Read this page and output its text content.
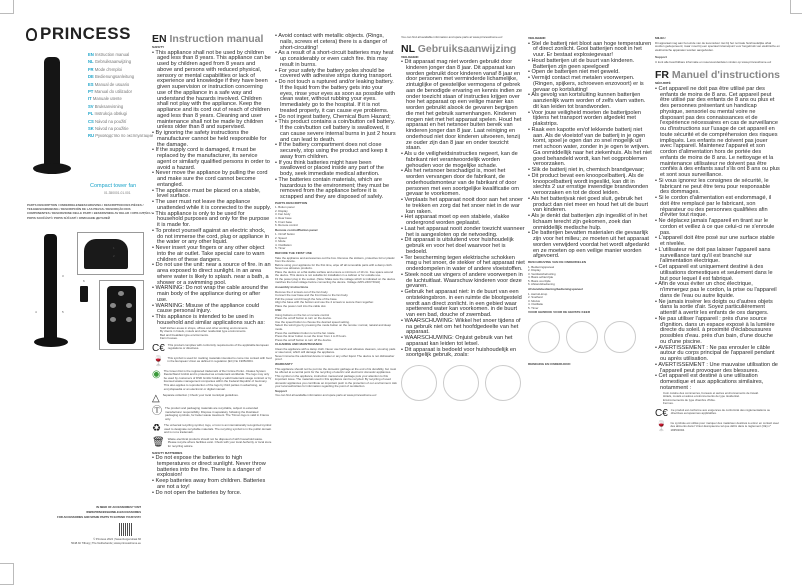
PRINCESS
EN Instruction manual
NL Gebruiksaanwijzing
FR Mode d'emploi
DE Bedienungsanleitung
ES Manual de usuario
PT Manual do utilizador
IT Manuale utente
SV Bruksanvisning
PL Instrukcja obsługi
CS Návod na použití
SK Návod na použitie
RU Руководство по эксплуатации
Compact tower fan
01.350001.01.001
PARTS DESCRIPTION / ONDERDELENBESCHRIJVING / DESCRIPTION DES PIÈCES / TEILEBESCHREIBUNG / DESCRIPCIÓN DE LAS PIEZAS / DESCRIÇÃO DOS COMPONENTES / DESCRIZIONE DELLE PARTI / BESKRIVNING AV DELAR / OPIS CZĘŚCI / POPIS SOUČÁSTÍ / POPIS SÚČASTÍ / ОПИСАНИЕ ДЕТАЛЕЙ
3
1
2
4	5
6
IN NEED OF ACCESSORIES? VISIT
WWW.PRINCESSHOME.EU/ACCESSORIES
FOR ACCESSORIES AND SPARE PARTS TO EXTEND YOUR STAY
© Princess 2024 | Saxenburgerstraat 66
5048 AV Tilburg | The Netherlands | www.princesshome.eu
EN Instruction manual
SAFETY
• This appliance shall not be used by children aged less than 8 years. This appliance can be used by children aged from 8 years and above and persons with reduced physical, sensory or mental capabilities or lack of experience and knowledge if they have been given supervision or instruction concerning use of the appliance in a safe way and understand the hazards involved. Children shall not play with the appliance. Keep the appliance and its cord out of reach of children aged less than 8 years. Cleaning and user maintenance shall not be made by children unless older than 8 and supervised.
• By ignoring the safety instructions the manufacturer cannot be held responsible for the damage.
• If the supply cord is damaged, it must be replaced by the manufacturer, its service agent or similarly qualified persons in order to avoid a hazard.
• Never move the appliance by pulling the cord and make sure the cord cannot become entangled.
• The appliance must be placed on a stable, level surface.
• The user must not leave the appliance unattended while it is connected to the supply.
• This appliance is only to be used for household purposes and only for the purpose it is made for.
• To protect yourself against an electric shock, do not immerse the cord, plug or appliance in the water or any other liquid.
• Never insert your fingers or any other object into the air outlet. Take special care to warn children of these dangers.
• Do not use the unit: near a source of fire. in an area exposed to direct sunlight. in an area where water is likely to splash. near a bath, a shower or a swimming pool.
• WARNING: Do not wrap the cable around the main body of the appliance during or after use.
• WARNING: Misuse of the appliance could cause personal injury.
• This appliance is intended to be used in household and similar applications such as:
Staff kitchen areas in shops, offices and other working environments.
By clients in hotels, motels and other residential type environments.
Bed and breakfast type environments.
Farm houses.
C€ This product complies with conformity requirements of the applicable European regulations or directives.
🍷 This symbol is used for marking materials intended to come into contact with food in the European Union as defined in regulation (EC) No 1935/2004.
◉ The Green Dot is the registered trademark of Der Grüne Punkt - Duales System Deutschland GmbH and is protected as a trademark worldwide. The logo may only be used by customers of DSD GmbH holding a valid trademark usage contract or by licensed waste management companies within the Federal Republic of Germany. This also applies to reproduction of the logo by third parties in advertising, an encyclopaedia or an electronic or digital manual.
△ Separate collection | Check your local municipal guidelines.
Ⓣ The product and packaging materials are recyclable, subject to extended manufacturer responsibility. Dispose it separately, following the illustrated packaging symbols, for better waste treatment. The Triman logo is valid in France only.
♻ The universal recycling symbol, logo, or icon is an internationally recognized symbol used to designate recyclable materials. The recycling symbol is in the public domain and is not a trademark.
🗑 Waste electrical products should not be disposed of with household waste. Please recycle where facilities exist. Check with your local Authority or local store for recycling advice.
SAFETY BATTERIES
• Do not expose the batteries to high temperatures or direct sunlight. Never throw batteries into the fire. There is a danger of explosion!
• Keep batteries away from children. Batteries are not a toy!
• Do not open the batteries by force.
• Avoid contact with metallic objects. (Rings, nails, screws et cetera) there is a danger of short-circuiting!
• As a result of a short-circuit batteries may heat up considerably or even catch fire. this may result in burns.
• For your safety the battery poles should be covered with adhesive strips during transport.
• Do not touch a ruptured and/or leaking battery. If the liquid from the battery gets into your eyes, rinse your eyes as soon as possible with clean water, without rubbing your eyes. Immediately go to the hospital. If it is not treated properly, it can cause eye problems.
• Do not ingest battery, Chemical Burn Hazard;
• This product contains a coin/button cell battery. If the coin/button cell battery is swallowed, it can cause severe internal burns in just 2 hours and can lead to death.
• If the battery compartment does not close securely, stop using the product and keep it away from children.
• If you think batteries might have been swallowed or placed inside any part of the body, seek immediate medical attention.
• The batteries contain materials, which are hazardous to the environment; they must be removed from the appliance before it is scrapped and they are disposed of safely.
PARTS DESCRIPTION
1. Button panel
2. Display
3. Fan body
4. Rear base
5. Front base
6. Remote control
Remote control/Button panel
1. On/off button
2. Speed
3. Mode
4. Oscillation
5. Timer
BEFORE THE FIRST USE
Take the appliance and accessories out the box. Remove the stickers, protective foil or plastic from the device.
Before using your appliance for the first time, wipe off all removable parts with a damp cloth. Never use abrasive products.
Place the device on a flat stable surface and ensure a minimum of 10 cm. free space around the device. This device is not suitable for installation in a cabinet or for outside use.
Fit the power plug in the socket. (Note: Make sure the voltage which is indicated on the device matches the local voltage before connecting the device. Voltage 220V-240V 50Hz)
Assembly instructions
Remove the 2 screws out of the fan body.
Connect the rear base and the front base to the fan body.
Pull the power cord through the hole of the base.
Align the base with the bottom and use the 2 screws to secure them together.
Place the power cord into the cable slot.
USE
Using buttons on the fan or remote control
Press the on/off button to turn on the device.
Use the speed button to choose the desired speed setting.
Select the wind type by pressing the mode button on the remote: normal, natural and sleep mode.
Press the oscillation button to let the fan rotate.
Press the timer button to set the timer from 1 to 8 hours.
Press the on/off button to turn off the device.
CLEANING AND MAINTENANCE
Clean the appliance with a damp cloth. Never use harsh and abrasive cleaners, scouring pads or steel wool, which will damage the appliance.
Never immerse the electrical device in water or any other liquid. The device is not dishwasher proof.
WARRANTY
This appliance should not be put into the domestic garbage at the end of its durability, but must be offered at a central point for the recycling of electric and electronic domestic appliances. This symbol on the appliance, instruction manual and package puts your attention to this important issue. The materials used in this appliance can be recycled. By recycling of used domestic appliances you contribute an important push to the protection of our environment. Ask your local authorities for information regarding the point of recollection.
Support
You can find all available information and spare parts at www.princesshome.eu!
You can find all available information and spare parts at www.princesshome.eu!
NL Gebruiksaanwijzing
VEILIGHEID
• Dit apparaat mag niet worden gebruikt door kinderen jonger dan 8 jaar. Dit apparaat kan worden gebruikt door kinderen vanaf 8 jaar en door personen met verminderde lichamelijke, zintuiglijke of geestelijke vermogens of gebrek aan de benodigde ervaring en kennis indien ze onder toezicht staan of instructies krijgen over hoe het apparaat op een veilige manier kan worden gebruikt alsook de gevaren begrijpen die met het gebruik samenhangen. Kinderen mogen niet met het apparaat spelen. Houd het apparaat en het netsnoer buiten bereik van kinderen jonger dan 8 jaar. Laat reiniging en onderhoud niet door kinderen uitvoeren, tenzij ze ouder zijn dan 8 jaar en onder toezicht staan.
• Als u de veiligheidsinstructies negeert, kan de fabrikant niet verantwoordelijk worden gehouden voor de mogelijke schade.
• Als het netsnoer beschadigd is, moet het worden vervangen door de fabrikant, de onderhoudsmonteur van de fabrikant of door personen met een soortgelijke kwalificatie om gevaar te voorkomen.
• Verplaats het apparaat nooit door aan het snoer te trekken en zorg dat het snoer niet in de war kan raken.
• Het apparaat moet op een stabiele, vlakke ondergrond worden geplaatst.
• Laat het apparaat nooit zonder toezicht wanneer het is aangesloten op de netvoeding.
• Dit apparaat is uitsluitend voor huishoudelijk gebruik en voor het doel waarvoor het is bedoeld.
• Ter bescherming tegen elektrische schokken mag u het snoer, de stekker of het apparaat niet onderdompelen in water of andere vloeistoffen.
• Steek nooit uw vingers of andere voorwerpen in de luchtuitlaat. Waarschuw kinderen voor deze gevaren.
• Gebruik het apparaat niet: in de buurt van een ontstekingsbron. in een ruimte die blootgesteld wordt aan direct zonlicht. in een gebied waar spetterend water kan voorkomen. in de buurt van een bad, douche of zwembad.
• WAARSCHUWING: Wikkel het snoer tijdens of na gebruik niet om het hoofdgedeelte van het apparaat.
• WAARSCHUWING: Onjuist gebruik van het apparaat kan leiden tot letsel.
• Dit apparaat is bedoeld voor huishoudelijk en soortgelijk gebruik, zoals:
VEILIGHEID
• Stel de batterij niet bloot aan hoge temperaturen of direct zonlicht. Gooi batterijen nooit in het vuur. Er bestaat explosiegevaar!
• Houd batterijen uit de buurt van kinderen. Batterijen zijn geen speelgoed!
• Open de batterijen niet met geweld.
• Vermijd contact met metalen voorwerpen. (Ringen, spijkers, schroeven enzovoort) er is gevaar op kortsluiting!
• Als gevolg van kortsluiting kunnen batterijen aanzienlijk warm worden of zelfs vlam vatten. dit kan leiden tot brandwonden.
• Voor jouw veiligheid moeten de batterijpolen tijdens het transport worden afgedekt met plakstrips.
• Raak een kapotte en/of lekkende batterij niet aan. Als de vloeistof van de batterij in je ogen komt, spoel je ogen dan zo snel mogelijk uit met schoon water, zonder in je ogen te wrijven. Ga onmiddellijk naar het ziekenhuis. Als het niet goed behandeld wordt, kan het oogproblemen veroorzaken.
• Slik de batterij niet in, chemisch brandgevaar;
• Dit product bevat een knoopcelbatterij. Als de knoopcelbatterij wordt ingeslikt, kan dit in slechts 2 uur ernstige inwendige brandwonden veroorzaken en tot de dood leiden.
• Als het batterijvak niet goed sluit, gebruik het product dan niet meer en houd het uit de buurt van kinderen.
• Als je denkt dat batterijen zijn ingeslikt of in het lichaam terecht zijn gekomen, zoek dan onmiddellijk medische hulp.
• De batterijen bevatten materialen die gevaarlijk zijn voor het milieu; ze moeten uit het apparaat worden verwijderd voordat het wordt afgedankt en ze moeten op een veilige manier worden afgevoerd.
BESCHRIJVING VAN DE ONDERDELEN
1. Bedieningspaneel
2. Display
3. Ventilatorbehuizing
4. Basis achterzijde
5. Basis voorzijde
6. Afstandsbediening
Afstandsbediening/bedieningspaneel
1. Aan/uit-knop
2. Snelheid
3. Modus
4. Oscillatie
5. Timer
VOOR GEBRUIK VOOR DE EERSTE KEER
REINIGING EN ONDERHOUD
MILIEU
Dit apparaat mag aan het einde van de levensduur niet bij het normale huishoudelijke afval worden gedeponeerd, maar moet bij een speciaal inzamelpunt voor hergebruik van elektrische en elektronische apparaten worden aangeboden.
Support
U kunt alle beschikbare informatie en reserveonderdelen vinden op www.princesshome.eu!
FR Manuel d'instructions
SÉCURITÉ
• Cet appareil ne doit pas être utilisé par des enfants de moins de 8 ans. Cet appareil peut être utilisé par des enfants de 8 ans ou plus et des personnes présentant un handicap physique, sensoriel ou mental voire ne disposant pas des connaissances et de l'expérience nécessaires en cas de surveillance ou d'instructions sur l'usage de cet appareil en toute sécurité et de compréhension des risques impliqués. Les enfants ne doivent pas jouer avec l'appareil. Maintenez l'appareil et son cordon d'alimentation hors de portée des enfants de moins de 8 ans. Le nettoyage et la maintenance utilisateur ne doivent pas être confiés à des enfants sauf s'ils ont 8 ans ou plus et sont sous surveillance.
• Si vous ignorez les consignes de sécurité, le fabricant ne peut être tenu pour responsable des dommages.
• Si le cordon d'alimentation est endommagé, il doit être remplacé par le fabricant, son réparateur ou des personnes qualifiées afin d'éviter tout risque.
• Ne déplacez jamais l'appareil en tirant sur le cordon et veillez à ce que celui-ci ne s'enroule pas.
• L'appareil doit être posé sur une surface stable et nivelée.
• L'utilisateur ne doit pas laisser l'appareil sans surveillance tant qu'il est branché sur l'alimentation électrique.
• Cet appareil est uniquement destiné à des utilisations domestiques et seulement dans le but pour lequel il est fabriqué.
• Afin de vous éviter un choc électrique, n'immergez pas le cordon, la prise ou l'appareil dans de l'eau ou autre liquide.
• Ne jamais insérer les doigts ou d'autres objets dans la sortie d'air. Soyez particulièrement attentif à avertir les enfants de ces dangers.
• Ne pas utiliser l'appareil : près d'une source d'ignition. dans un espace exposé à la lumière directe du soleil. à proximité d'éclaboussures possibles d'eau. près d'un bain, d'une douche ou d'une piscine.
• AVERTISSEMENT : Ne pas enrouler le câble autour du corps principal de l'appareil pendant ou après utilisation.
• AVERTISSEMENT : Une mauvaise utilisation de l'appareil peut provoquer des blessures.
• Cet appareil est destiné à une utilisation domestique et aux applications similaires, notamment :
Coin cuisine des commerces, bureaux et autres environnements de travail.
Hôtels, motels et autres environnements de type résidentiel.
Environnements de type chambre d'hôte.
Fermes.
C€ Ce produit est conforme aux exigences de conformité des réglementations ou directives européennes applicables.
🍷 Ce symbole est utilisé pour marquer des matériaux destinés à entrer en contact avec des aliments dans l'Union Européenne tel que défini dans le règlement (CE) n° 1935/2004.
